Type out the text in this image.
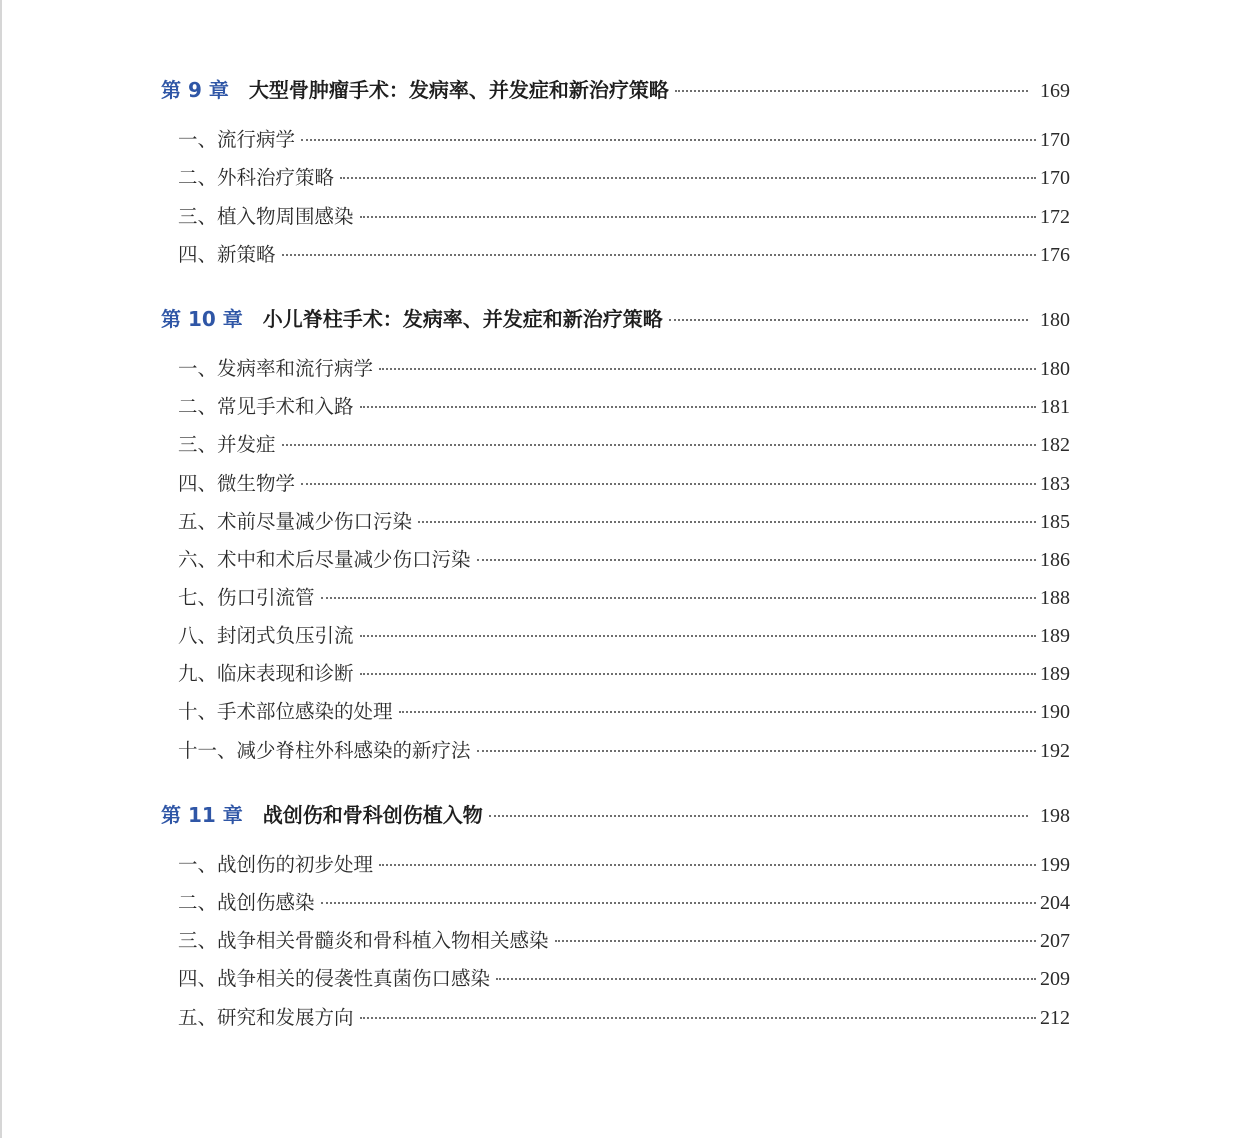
第 9 章	大型骨肿瘤手术：发病率、并发症和新治疗策略	169
一、流行病学	170
二、外科治疗策略	170
三、植入物周围感染	172
四、新策略	176
第 10 章	小儿脊柱手术：发病率、并发症和新治疗策略	180
一、发病率和流行病学	180
二、常见手术和入路	181
三、并发症	182
四、微生物学	183
五、术前尽量减少伤口污染	185
六、术中和术后尽量减少伤口污染	186
七、伤口引流管	188
八、封闭式负压引流	189
九、临床表现和诊断	189
十、手术部位感染的处理	190
十一、减少脊柱外科感染的新疗法	192
第 11 章	战创伤和骨科创伤植入物	198
一、战创伤的初步处理	199
二、战创伤感染	204
三、战争相关骨髓炎和骨科植入物相关感染	207
四、战争相关的侵袭性真菌伤口感染	209
五、研究和发展方向	212
